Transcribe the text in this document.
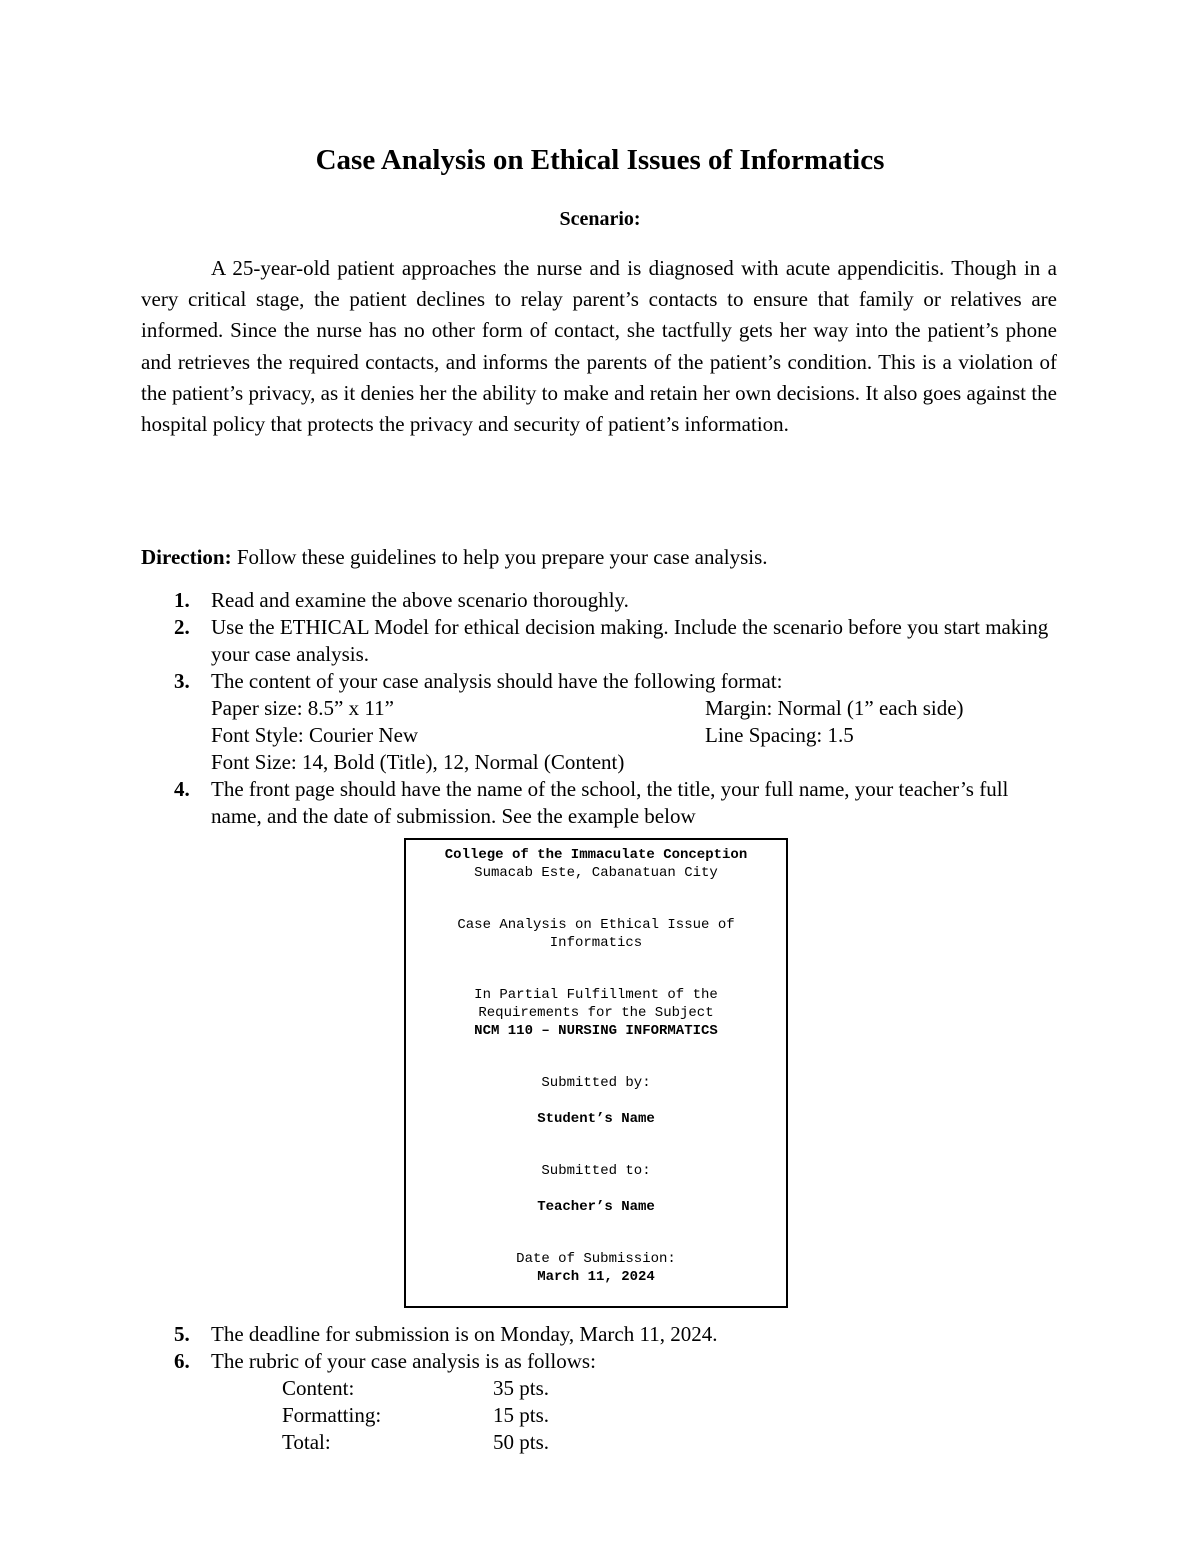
Case Analysis on Ethical Issues of Informatics
Scenario:

A 25-year-old patient approaches the nurse and is diagnosed with acute appendicitis. Though in a very critical stage, the patient declines to relay parent’s contacts to ensure that family or relatives are informed. Since the nurse has no other form of contact, she tactfully gets her way into the patient’s phone and retrieves the required contacts, and informs the parents of the patient’s condition. This is a violation of the patient’s privacy, as it denies her the ability to make and retain her own decisions. It also goes against the hospital policy that protects the privacy and security of patient’s information.

Direction: Follow these guidelines to help you prepare your case analysis.

1. Read and examine the above scenario thoroughly.
2. Use the ETHICAL Model for ethical decision making. Include the scenario before you start making your case analysis.
3. The content of your case analysis should have the following format:
Paper size: 8.5” x 11”	Margin: Normal (1” each side)
Font Style: Courier New	Line Spacing: 1.5
Font Size: 14, Bold (Title), 12, Normal (Content)
4. The front page should have the name of the school, the title, your full name, your teacher’s full name, and the date of submission. See the example below
College of the Immaculate Conception
Sumacab Este, Cabanatuan City
Case Analysis on Ethical Issue of
Informatics
In Partial Fulfillment of the
Requirements for the Subject
NCM 110 – NURSING INFORMATICS
Submitted by:
Student’s Name
Submitted to:
Teacher’s Name
Date of Submission:
March 11, 2024
5. The deadline for submission is on Monday, March 11, 2024.
6. The rubric of your case analysis is as follows:
Content:	35 pts.
Formatting:	15 pts.
Total:	50 pts.
